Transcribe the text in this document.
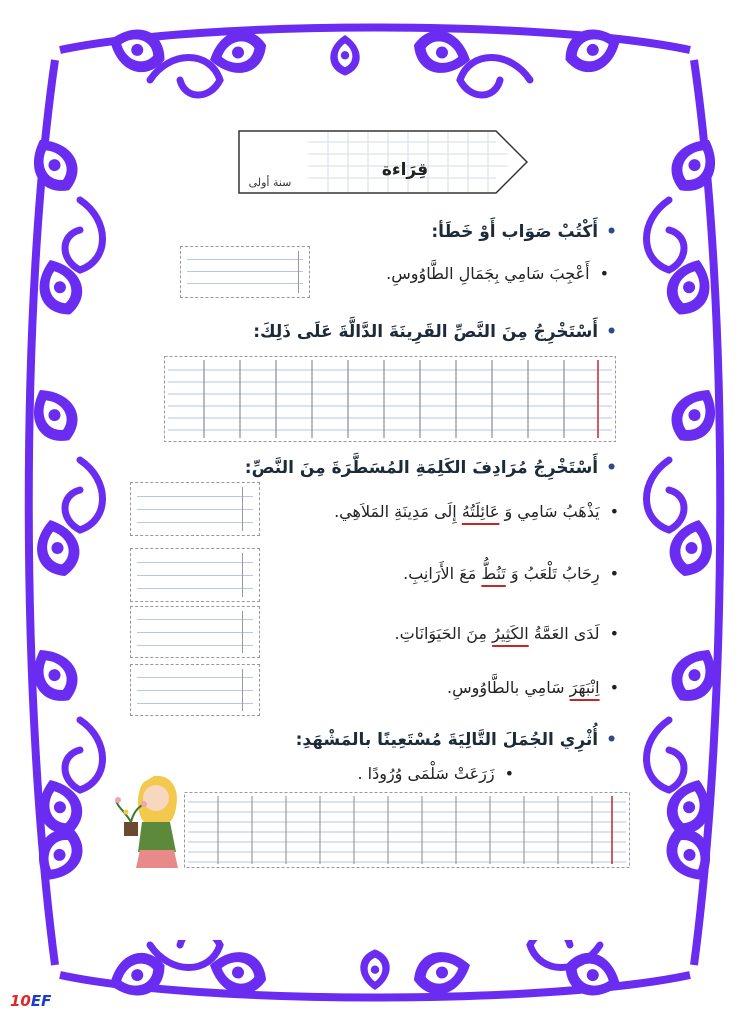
قِرَاءة
سنة أولى
•أَكْتُبْ صَوَاب أَوْ خَطَأ:
•أَعْجِبَ سَامِي بِجَمَالِ الطَّاوُوسِ.
•أَسْتَخْرِجُ مِنَ النَّصِّ القَرِينَةَ الدَّالَّةَ عَلَى ذَلِكَ:
•أَسْتَخْرِجُ مُرَادِفَ الكَلِمَةِ المُسَطَّرَةَ مِنَ النَّصِّ:
•يَذْهَبُ سَامِي وَ عَائِلَتُهُ إِلَى مَدِينَةِ المَلاَهِي.
•رِحَابُ تَلْعَبُ وَ تَنُطُّ مَعَ الأَرَانِبِ.
•لَدَى العَمَّةُ الكَثِيرُ مِنَ الحَيَوَانَاتِ.
•اِنْبَهَرَ سَامِي بالطَّاوُوسِ.
•أُثْرِي الجُمَلَ التَّالِيَةَ مُسْتَعِينًا بالمَشْهَدِ:
•زَرَعَتْ سَلْمَى وُرُودًا .
10EF
